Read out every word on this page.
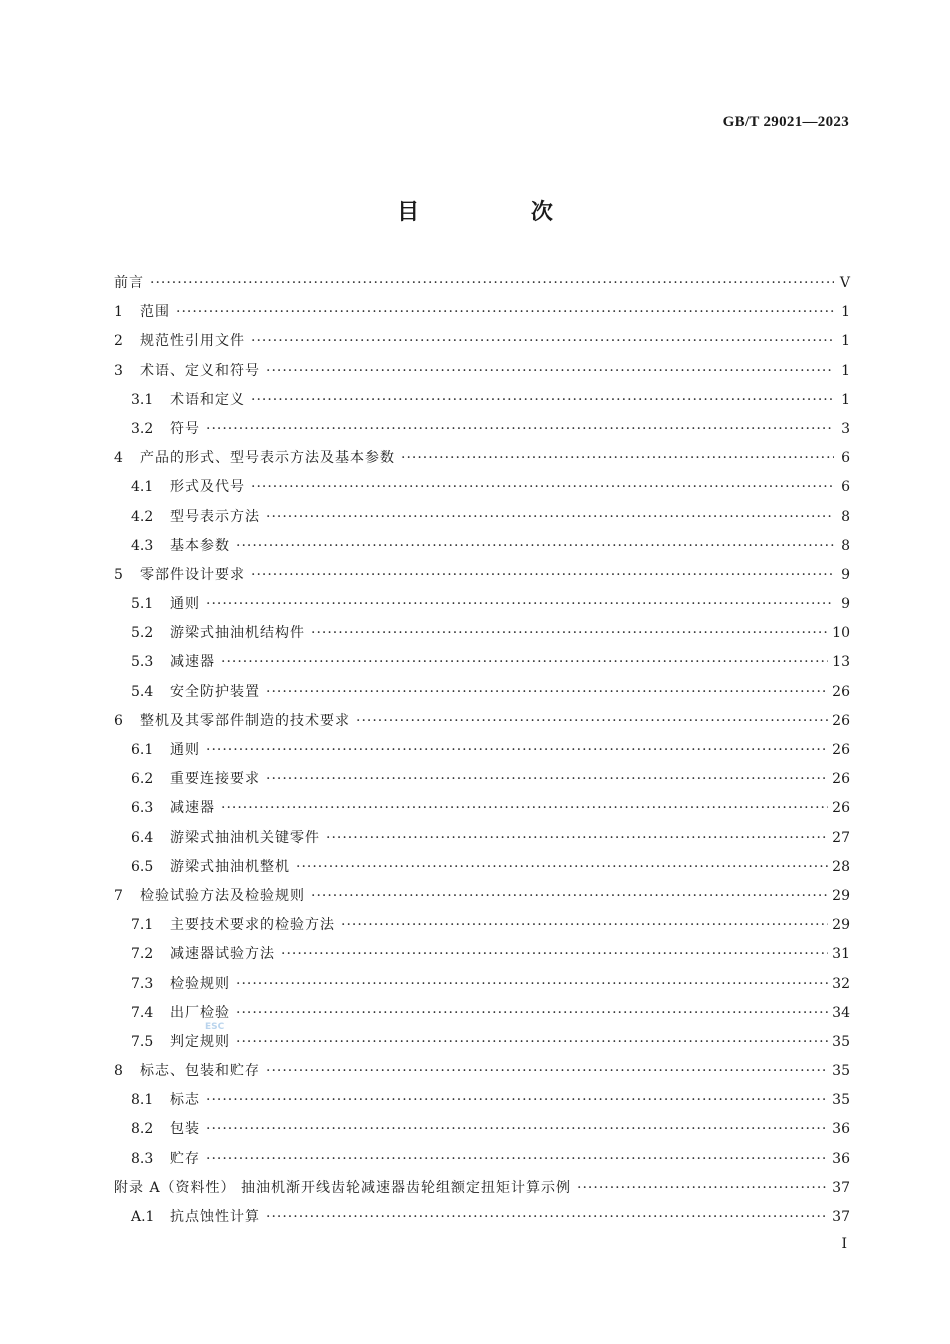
GB/T 29021—2023
目 次
前言 ·····	Ⅴ
1	范围 ·····	1
2	规范性引用文件 ·····	1
3	术语、定义和符号 ·····	1
3.1	术语和定义 ·····	1
3.2	符号 ·····	3
4	产品的形式、型号表示方法及基本参数 ·····	6
4.1	形式及代号 ·····	6
4.2	型号表示方法 ·····	8
4.3	基本参数 ·····	8
5	零部件设计要求 ·····	9
5.1	通则 ·····	9
5.2	游梁式抽油机结构件 ·····	10
5.3	减速器 ·····	13
5.4	安全防护装置 ·····	26
6	整机及其零部件制造的技术要求 ·····	26
6.1	通则 ·····	26
6.2	重要连接要求 ·····	26
6.3	减速器 ·····	26
6.4	游梁式抽油机关键零件 ·····	27
6.5	游梁式抽油机整机 ·····	28
7	检验试验方法及检验规则 ·····	29
7.1	主要技术要求的检验方法 ·····	29
7.2	减速器试验方法 ·····	31
7.3	检验规则 ·····	32
7.4	出厂检验 ·····	34
7.5	判定规则 ·····	35
8	标志、包装和贮存 ·····	35
8.1	标志 ·····	35
8.2	包装 ·····	36
8.3	贮存 ·····	36
附录 A（资料性） 抽油机渐开线齿轮减速器齿轮组额定扭矩计算示例 ·····	37
A.1	抗点蚀性计算 ·····	37
ESC
Ⅰ
